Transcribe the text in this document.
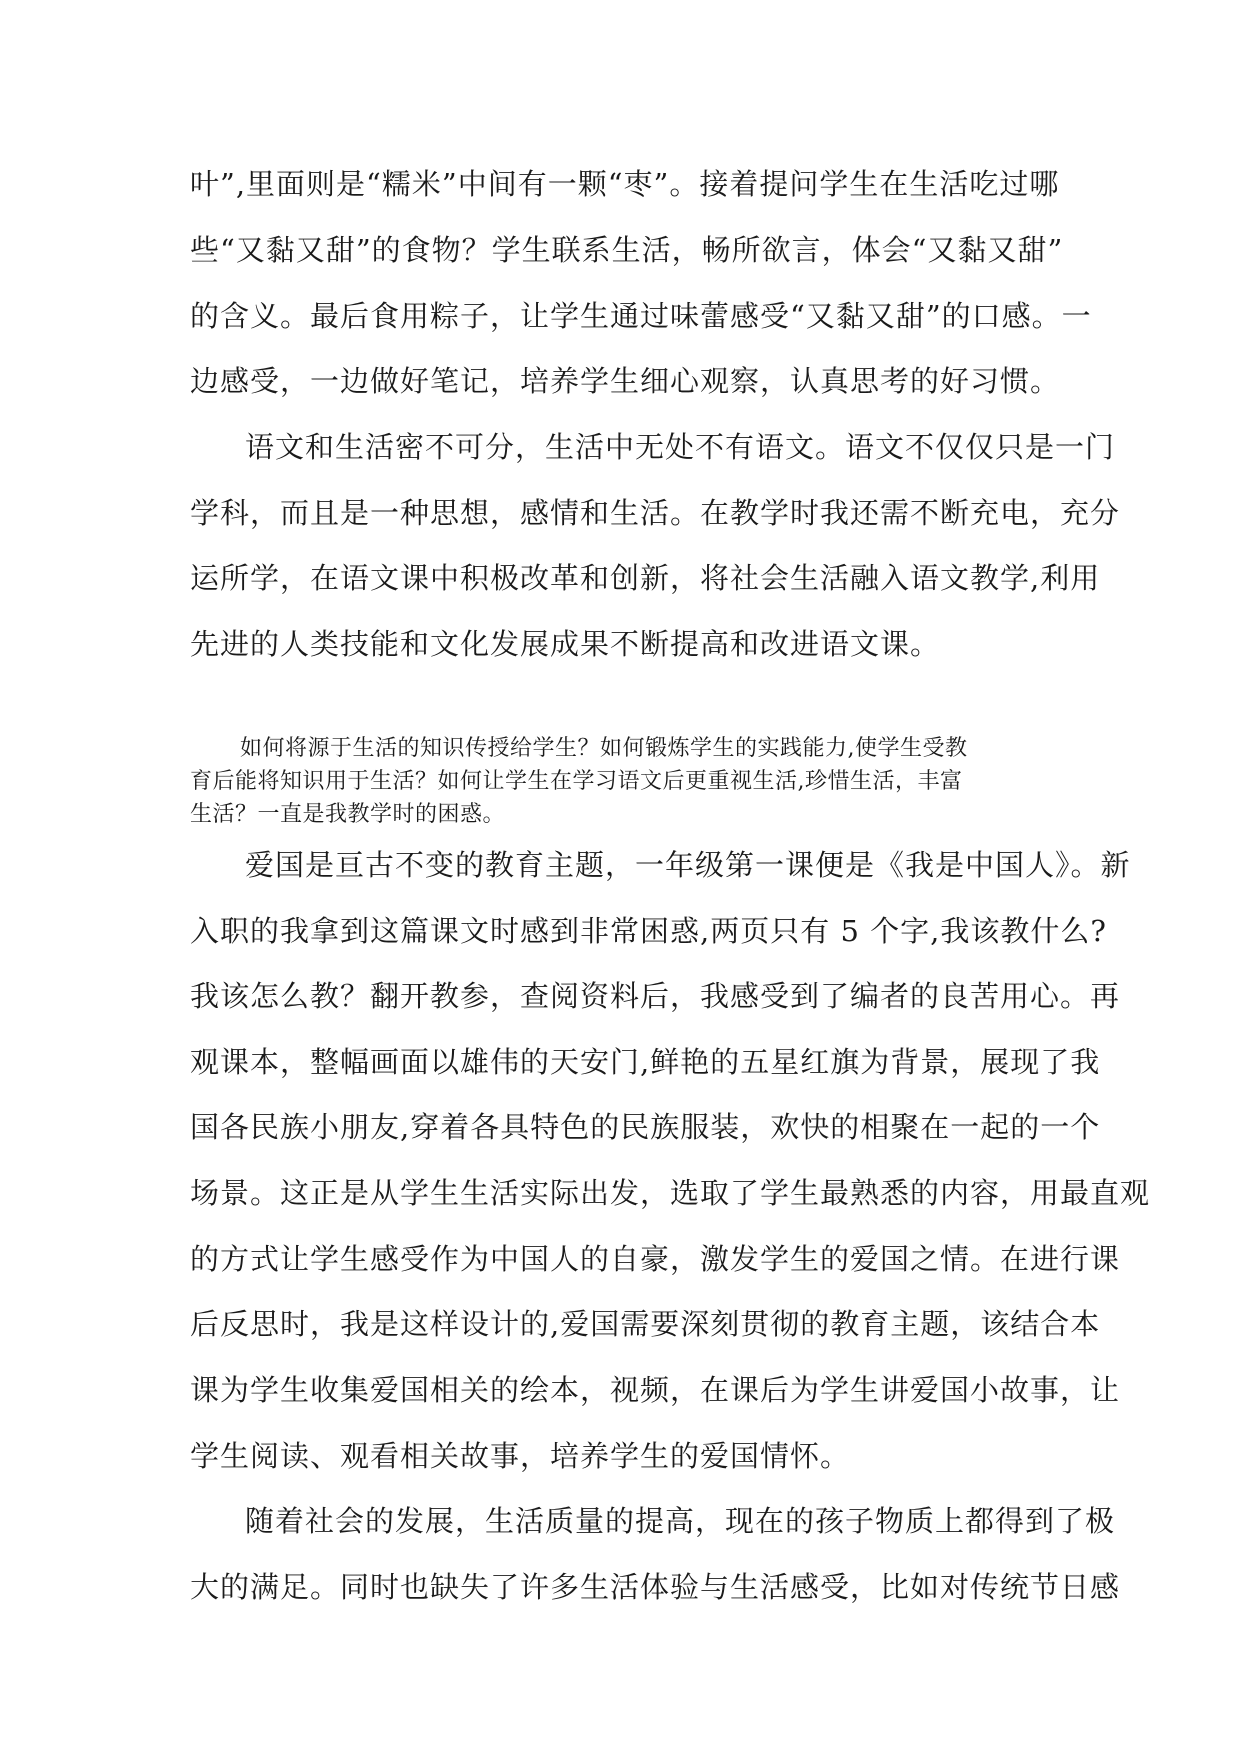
叶”,里面则是“糯米”中间有一颗“枣”。接着提问学生在生活吃过哪
些“又黏又甜”的食物？学生联系生活，畅所欲言，体会“又黏又甜”
的含义。最后食用粽子，让学生通过味蕾感受“又黏又甜”的口感。一
边感受，一边做好笔记，培养学生细心观察，认真思考的好习惯。
语文和生活密不可分，生活中无处不有语文。语文不仅仅只是一门
学科，而且是一种思想，感情和生活。在教学时我还需不断充电，充分
运所学，在语文课中积极改革和创新，将社会生活融入语文教学,利用
先进的人类技能和文化发展成果不断提高和改进语文课。
如何将源于生活的知识传授给学生？如何锻炼学生的实践能力,使学生受教
育后能将知识用于生活？如何让学生在学习语文后更重视生活,珍惜生活，丰富
生活？一直是我教学时的困惑。
爱国是亘古不变的教育主题，一年级第一课便是《我是中国人》。新
入职的我拿到这篇课文时感到非常困惑,两页只有 5 个字,我该教什么?
我该怎么教？翻开教参，查阅资料后，我感受到了编者的良苦用心。再
观课本，整幅画面以雄伟的天安门,鲜艳的五星红旗为背景，展现了我
国各民族小朋友,穿着各具特色的民族服装，欢快的相聚在一起的一个
场景。这正是从学生生活实际出发，选取了学生最熟悉的内容，用最直观
的方式让学生感受作为中国人的自豪，激发学生的爱国之情。在进行课
后反思时，我是这样设计的,爱国需要深刻贯彻的教育主题，该结合本
课为学生收集爱国相关的绘本，视频，在课后为学生讲爱国小故事，让
学生阅读、观看相关故事，培养学生的爱国情怀。
随着社会的发展，生活质量的提高，现在的孩子物质上都得到了极
大的满足。同时也缺失了许多生活体验与生活感受，比如对传统节日感
